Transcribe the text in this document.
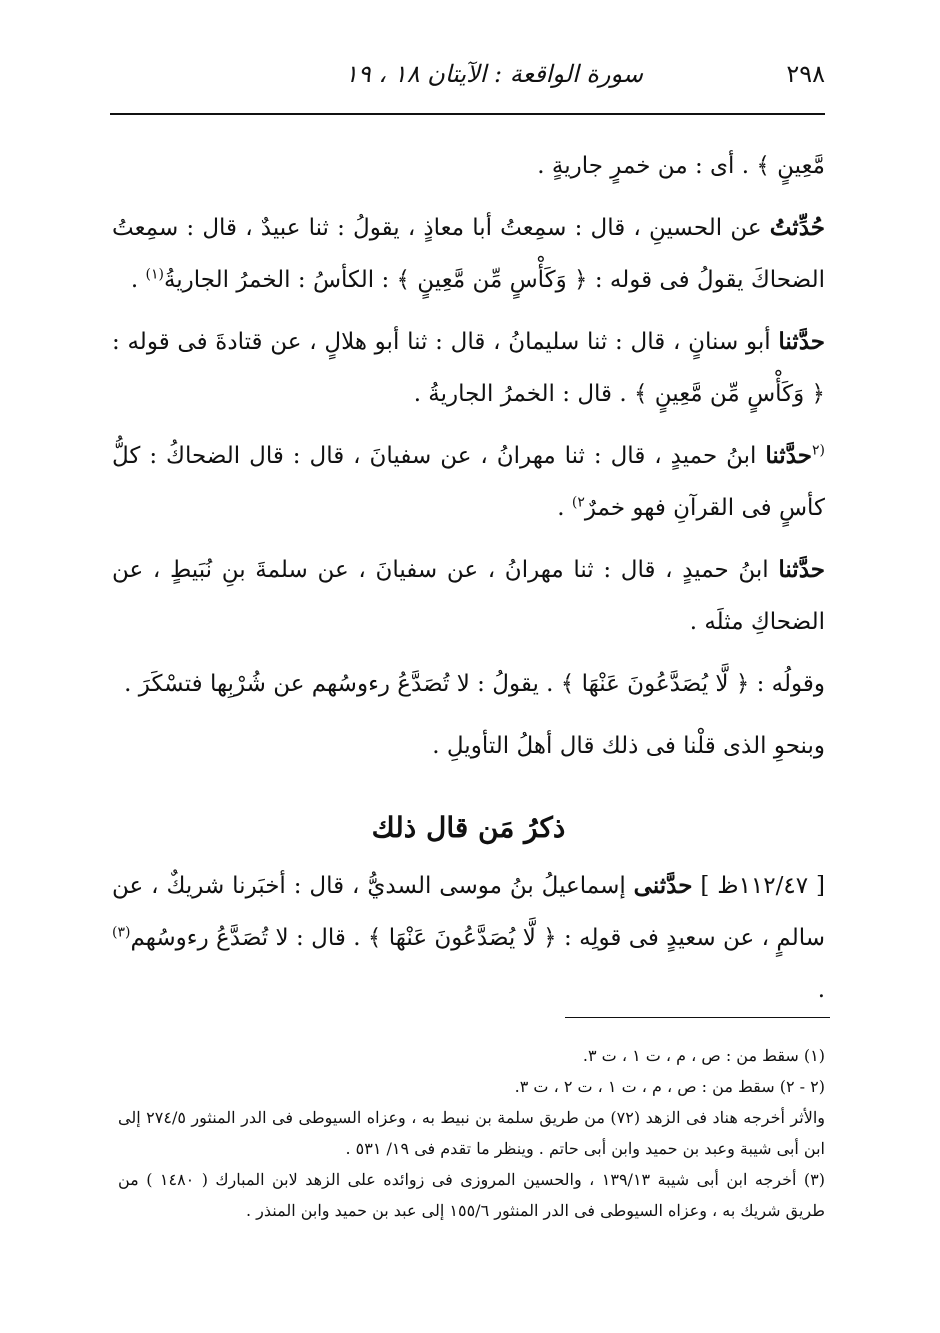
٢٩٨
سورة الواقعة : الآيتان ١٨ ، ١٩

مَّعِينٍ ﴾ . أى : من خمرٍ جاريةٍ .

حُدِّثتُ عن الحسينِ ، قال : سمِعتُ أبا معاذٍ ، يقولُ : ثنا عبيدٌ ، قال : سمِعتُ الضحاكَ يقولُ فى قوله : ﴿ وَكَأْسٍ مِّن مَّعِينٍ ﴾ : الكأسُ : الخمرُ الجاريةُ$^{(١)}$ .

حدَّثنا أبو سنانٍ ، قال : ثنا سليمانُ ، قال : ثنا أبو هلالٍ ، عن قتادةَ فى قوله : ﴿ وَكَأْسٍ مِّن مَّعِينٍ ﴾ . قال : الخمرُ الجاريةُ .

$^{(٢}$حدَّثنا ابنُ حميدٍ ، قال : ثنا مهرانُ ، عن سفيانَ ، قال : قال الضحاكُ : كلُّ كأسٍ فى القرآنِ فهو خمرٌ$^{٢)}$ .

حدَّثنا ابنُ حميدٍ ، قال : ثنا مهرانُ ، عن سفيانَ ، عن سلمةَ بنِ نُبَيطٍ ، عن الضحاكِ مثلَه .

وقولُه : ﴿ لَّا يُصَدَّعُونَ عَنْهَا ﴾ . يقولُ : لا تُصَدَّعُ رءوسُهم عن شُرْبِها فتسْكَرَ .

وبنحوِ الذى قلْنا فى ذلك قال أهلُ التأويلِ .

ذكرُ مَن قال ذلك

[ ١١٢/٤٧ظ ] حدَّثنى إسماعيلُ بنُ موسى السديُّ ، قال : أخبَرنا شريكٌ ، عن سالمٍ ، عن سعيدٍ فى قولِه : ﴿ لَّا يُصَدَّعُونَ عَنْهَا ﴾ . قال : لا تُصَدَّعُ رءوسُهم$^{(٣)}$ .

(١) سقط من : ص ، م ، ت ١ ، ت ٣.

(٢ - ٢) سقط من : ص ، م ، ت ١ ، ت ٢ ، ت ٣.

والأثر أخرجه هناد فى الزهد (٧٢) من طريق سلمة بن نبيط به ، وعزاه السيوطى فى الدر المنثور ٢٧٤/٥ إلى ابن أبى شيبة وعبد بن حميد وابن أبى حاتم . وينظر ما تقدم فى ١٩/ ٥٣١ .

(٣) أخرجه ابن أبى شيبة ١٣٩/١٣ ، والحسين المروزى فى زوائده على الزهد لابن المبارك ( ١٤٨٠ ) من طريق شريك به ، وعزاه السيوطى فى الدر المنثور ١٥٥/٦ إلى عبد بن حميد وابن المنذر .
